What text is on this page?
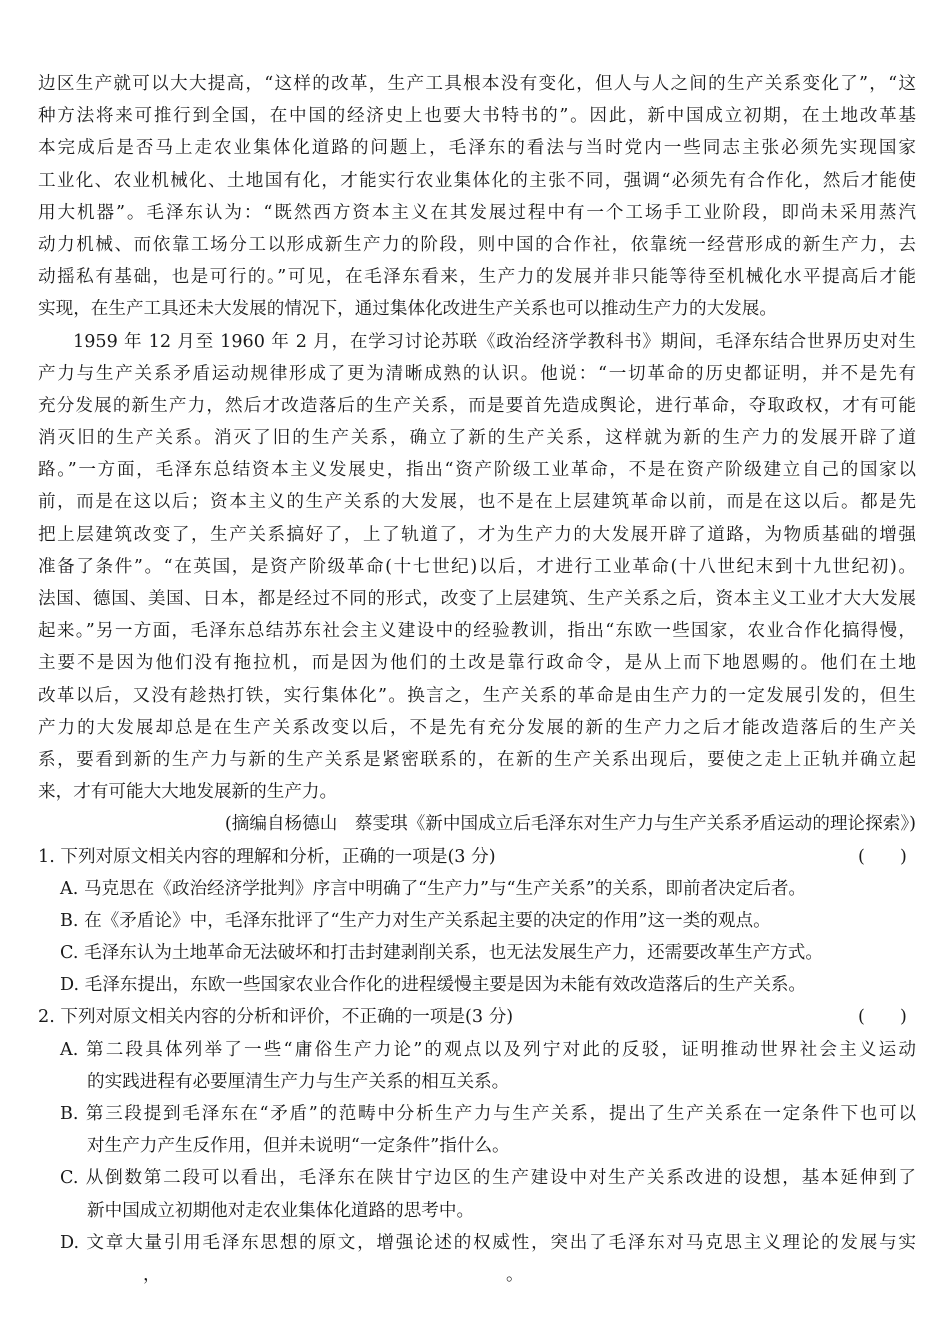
边区生产就可以大大提高，“这样的改革，生产工具根本没有变化，但人与人之间的生产关系变化了”，“这
种方法将来可推行到全国，在中国的经济史上也要大书特书的”。因此，新中国成立初期，在土地改革基
本完成后是否马上走农业集体化道路的问题上，毛泽东的看法与当时党内一些同志主张必须先实现国家
工业化、农业机械化、土地国有化，才能实行农业集体化的主张不同，强调“必须先有合作化，然后才能使
用大机器”。毛泽东认为：“既然西方资本主义在其发展过程中有一个工场手工业阶段，即尚未采用蒸汽
动力机械、而依靠工场分工以形成新生产力的阶段，则中国的合作社，依靠统一经营形成的新生产力，去
动摇私有基础，也是可行的。”可见，在毛泽东看来，生产力的发展并非只能等待至机械化水平提高后才能
实现，在生产工具还未大发展的情况下，通过集体化改进生产关系也可以推动生产力的大发展。
1959 年 12 月至 1960 年 2 月，在学习讨论苏联《政治经济学教科书》期间，毛泽东结合世界历史对生
产力与生产关系矛盾运动规律形成了更为清晰成熟的认识。他说：“一切革命的历史都证明，并不是先有
充分发展的新生产力，然后才改造落后的生产关系，而是要首先造成舆论，进行革命，夺取政权，才有可能
消灭旧的生产关系。消灭了旧的生产关系，确立了新的生产关系，这样就为新的生产力的发展开辟了道
路。”一方面，毛泽东总结资本主义发展史，指出“资产阶级工业革命，不是在资产阶级建立自己的国家以
前，而是在这以后；资本主义的生产关系的大发展，也不是在上层建筑革命以前，而是在这以后。都是先
把上层建筑改变了，生产关系搞好了，上了轨道了，才为生产力的大发展开辟了道路，为物质基础的增强
准备了条件”。“在英国，是资产阶级革命(十七世纪)以后，才进行工业革命(十八世纪末到十九世纪初)。
法国、德国、美国、日本，都是经过不同的形式，改变了上层建筑、生产关系之后，资本主义工业才大大发展
起来。”另一方面，毛泽东总结苏东社会主义建设中的经验教训，指出“东欧一些国家，农业合作化搞得慢，
主要不是因为他们没有拖拉机，而是因为他们的土改是靠行政命令，是从上而下地恩赐的。他们在土地
改革以后，又没有趁热打铁，实行集体化”。换言之，生产关系的革命是由生产力的一定发展引发的，但生
产力的大发展却总是在生产关系改变以后，不是先有充分发展的新的生产力之后才能改造落后的生产关
系，要看到新的生产力与新的生产关系是紧密联系的，在新的生产关系出现后，要使之走上正轨并确立起
来，才有可能大大地发展新的生产力。
(摘编自杨德山　蔡雯琪《新中国成立后毛泽东对生产力与生产关系矛盾运动的理论探索》)
1. 下列对原文相关内容的理解和分析，正确的一项是(3 分)	(　　)
A. 马克思在《政治经济学批判》序言中明确了“生产力”与“生产关系”的关系，即前者决定后者。
B. 在《矛盾论》中，毛泽东批评了“生产力对生产关系起主要的决定的作用”这一类的观点。
C. 毛泽东认为土地革命无法破坏和打击封建剥削关系，也无法发展生产力，还需要改革生产方式。
D. 毛泽东提出，东欧一些国家农业合作化的进程缓慢主要是因为未能有效改造落后的生产关系。
2. 下列对原文相关内容的分析和评价，不正确的一项是(3 分)	(　　)
A. 第二段具体列举了一些“庸俗生产力论”的观点以及列宁对此的反驳，证明推动世界社会主义运动
的实践进程有必要厘清生产力与生产关系的相互关系。
B. 第三段提到毛泽东在“矛盾”的范畴中分析生产力与生产关系，提出了生产关系在一定条件下也可以
对生产力产生反作用，但并未说明“一定条件”指什么。
C. 从倒数第二段可以看出，毛泽东在陕甘宁边区的生产建设中对生产关系改进的设想，基本延伸到了
新中国成立初期他对走农业集体化道路的思考中。
D. 文章大量引用毛泽东思想的原文，增强论述的权威性，突出了毛泽东对马克思主义理论的发展与实
，	。
